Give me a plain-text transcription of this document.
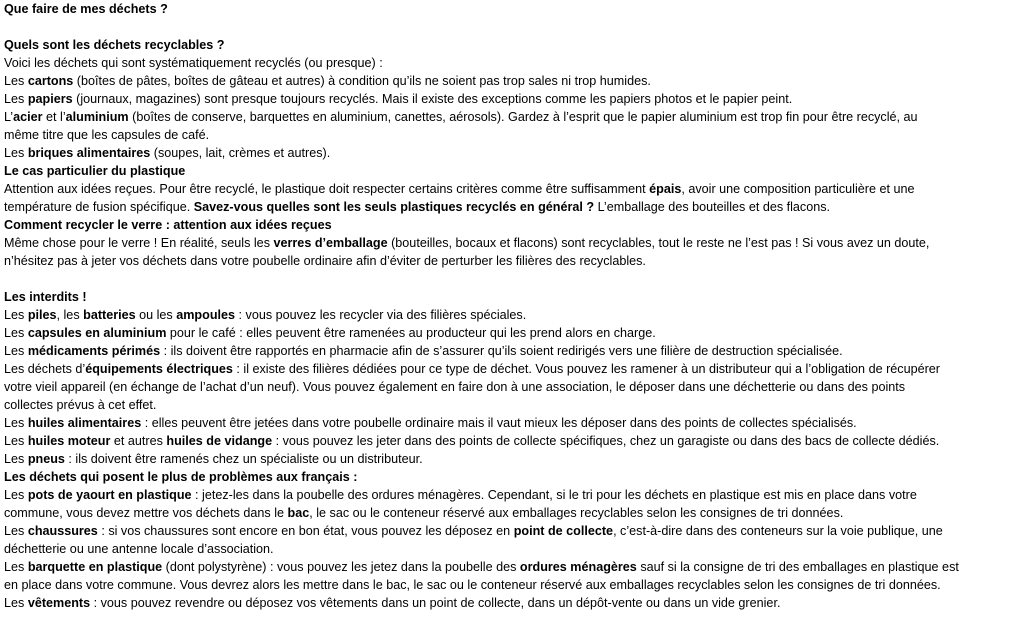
Que faire de mes déchets ?
Quels sont les déchets recyclables ?
Voici les déchets qui sont systématiquement recyclés (ou presque) :
Les cartons (boîtes de pâtes, boîtes de gâteau et autres) à condition qu’ils ne soient pas trop sales ni trop humides.
Les papiers (journaux, magazines) sont presque toujours recyclés. Mais il existe des exceptions comme les papiers photos et le papier peint.
L’acier et l’aluminium (boîtes de conserve, barquettes en aluminium, canettes, aérosols). Gardez à l’esprit que le papier aluminium est trop fin pour être recyclé, au
même titre que les capsules de café.
Les briques alimentaires (soupes, lait, crèmes et autres).
Le cas particulier du plastique
Attention aux idées reçues. Pour être recyclé, le plastique doit respecter certains critères comme être suffisamment épais, avoir une composition particulière et une
température de fusion spécifique. Savez-vous quelles sont les seuls plastiques recyclés en général ? L’emballage des bouteilles et des flacons.
Comment recycler le verre : attention aux idées reçues
Même chose pour le verre ! En réalité, seuls les verres d’emballage (bouteilles, bocaux et flacons) sont recyclables, tout le reste ne l’est pas ! Si vous avez un doute,
n’hésitez pas à jeter vos déchets dans votre poubelle ordinaire afin d’éviter de perturber les filières des recyclables.
Les interdits !
Les piles, les batteries ou les ampoules : vous pouvez les recycler via des filières spéciales.
Les capsules en aluminium pour le café : elles peuvent être ramenées au producteur qui les prend alors en charge.
Les médicaments périmés : ils doivent être rapportés en pharmacie afin de s’assurer qu’ils soient redirigés vers une filière de destruction spécialisée.
Les déchets d’équipements électriques : il existe des filières dédiées pour ce type de déchet. Vous pouvez les ramener à un distributeur qui a l’obligation de récupérer
votre vieil appareil (en échange de l’achat d’un neuf). Vous pouvez également en faire don à une association, le déposer dans une déchetterie ou dans des points
collectes prévus à cet effet.
Les huiles alimentaires : elles peuvent être jetées dans votre poubelle ordinaire mais il vaut mieux les déposer dans des points de collectes spécialisés.
Les huiles moteur et autres huiles de vidange : vous pouvez les jeter dans des points de collecte spécifiques, chez un garagiste ou dans des bacs de collecte dédiés.
Les pneus : ils doivent être ramenés chez un spécialiste ou un distributeur.
Les déchets qui posent le plus de problèmes aux français :
Les pots de yaourt en plastique : jetez-les dans la poubelle des ordures ménagères. Cependant, si le tri pour les déchets en plastique est mis en place dans votre
commune, vous devez mettre vos déchets dans le bac, le sac ou le conteneur réservé aux emballages recyclables selon les consignes de tri données.
Les chaussures : si vos chaussures sont encore en bon état, vous pouvez les déposez en point de collecte, c’est-à-dire dans des conteneurs sur la voie publique, une
déchetterie ou une antenne locale d’association.
Les barquette en plastique (dont polystyrène) : vous pouvez les jetez dans la poubelle des ordures ménagères sauf si la consigne de tri des emballages en plastique est
en place dans votre commune. Vous devrez alors les mettre dans le bac, le sac ou le conteneur réservé aux emballages recyclables selon les consignes de tri données.
Les vêtements : vous pouvez revendre ou déposez vos vêtements dans un point de collecte, dans un dépôt-vente ou dans un vide grenier.
